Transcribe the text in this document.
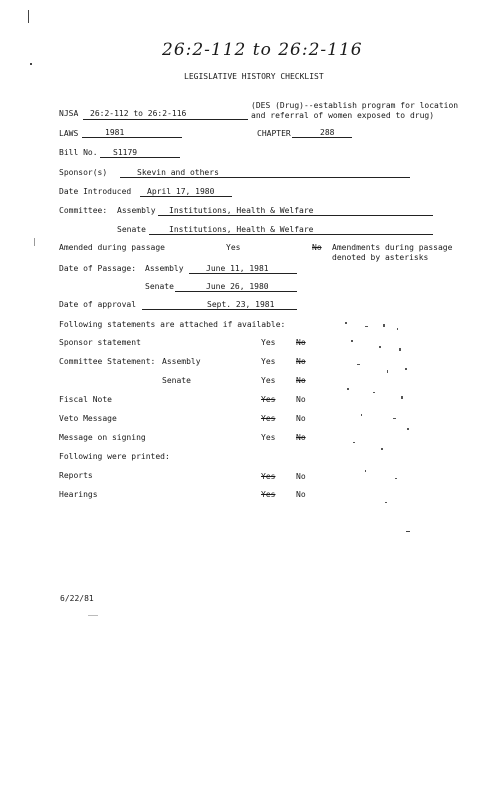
26:2-112 to 26:2-116
LEGISLATIVE HISTORY CHECKLIST
NJSA 26:2-112 to 26:2-116
(DES (Drug)--establish program for location
and referral of women exposed to drug)
LAWS	1981	CHAPTER	288
Bill No. S1179
Sponsor(s)	Skevin and others
Date Introduced April 17, 1980
Committee: Assembly Institutions, Health & Welfare
Senate	Institutions, Health & Welfare
Amended during passage	Yes	No Amendments during passage
denoted by asterisks
Date of Passage: Assembly	June 11, 1981
Senate	June 26, 1980
Date of approval	Sept. 23, 1981
Following statements are attached if available:
Sponsor statement	Yes	No
Committee Statement: Assembly	Yes	No
Senate	Yes	No
Fiscal Note	Yes	No
Veto Message	Yes	No
Message on signing	Yes	No
Following were printed:
Reports	Yes	No
Hearings	Yes	No
6/22/81
